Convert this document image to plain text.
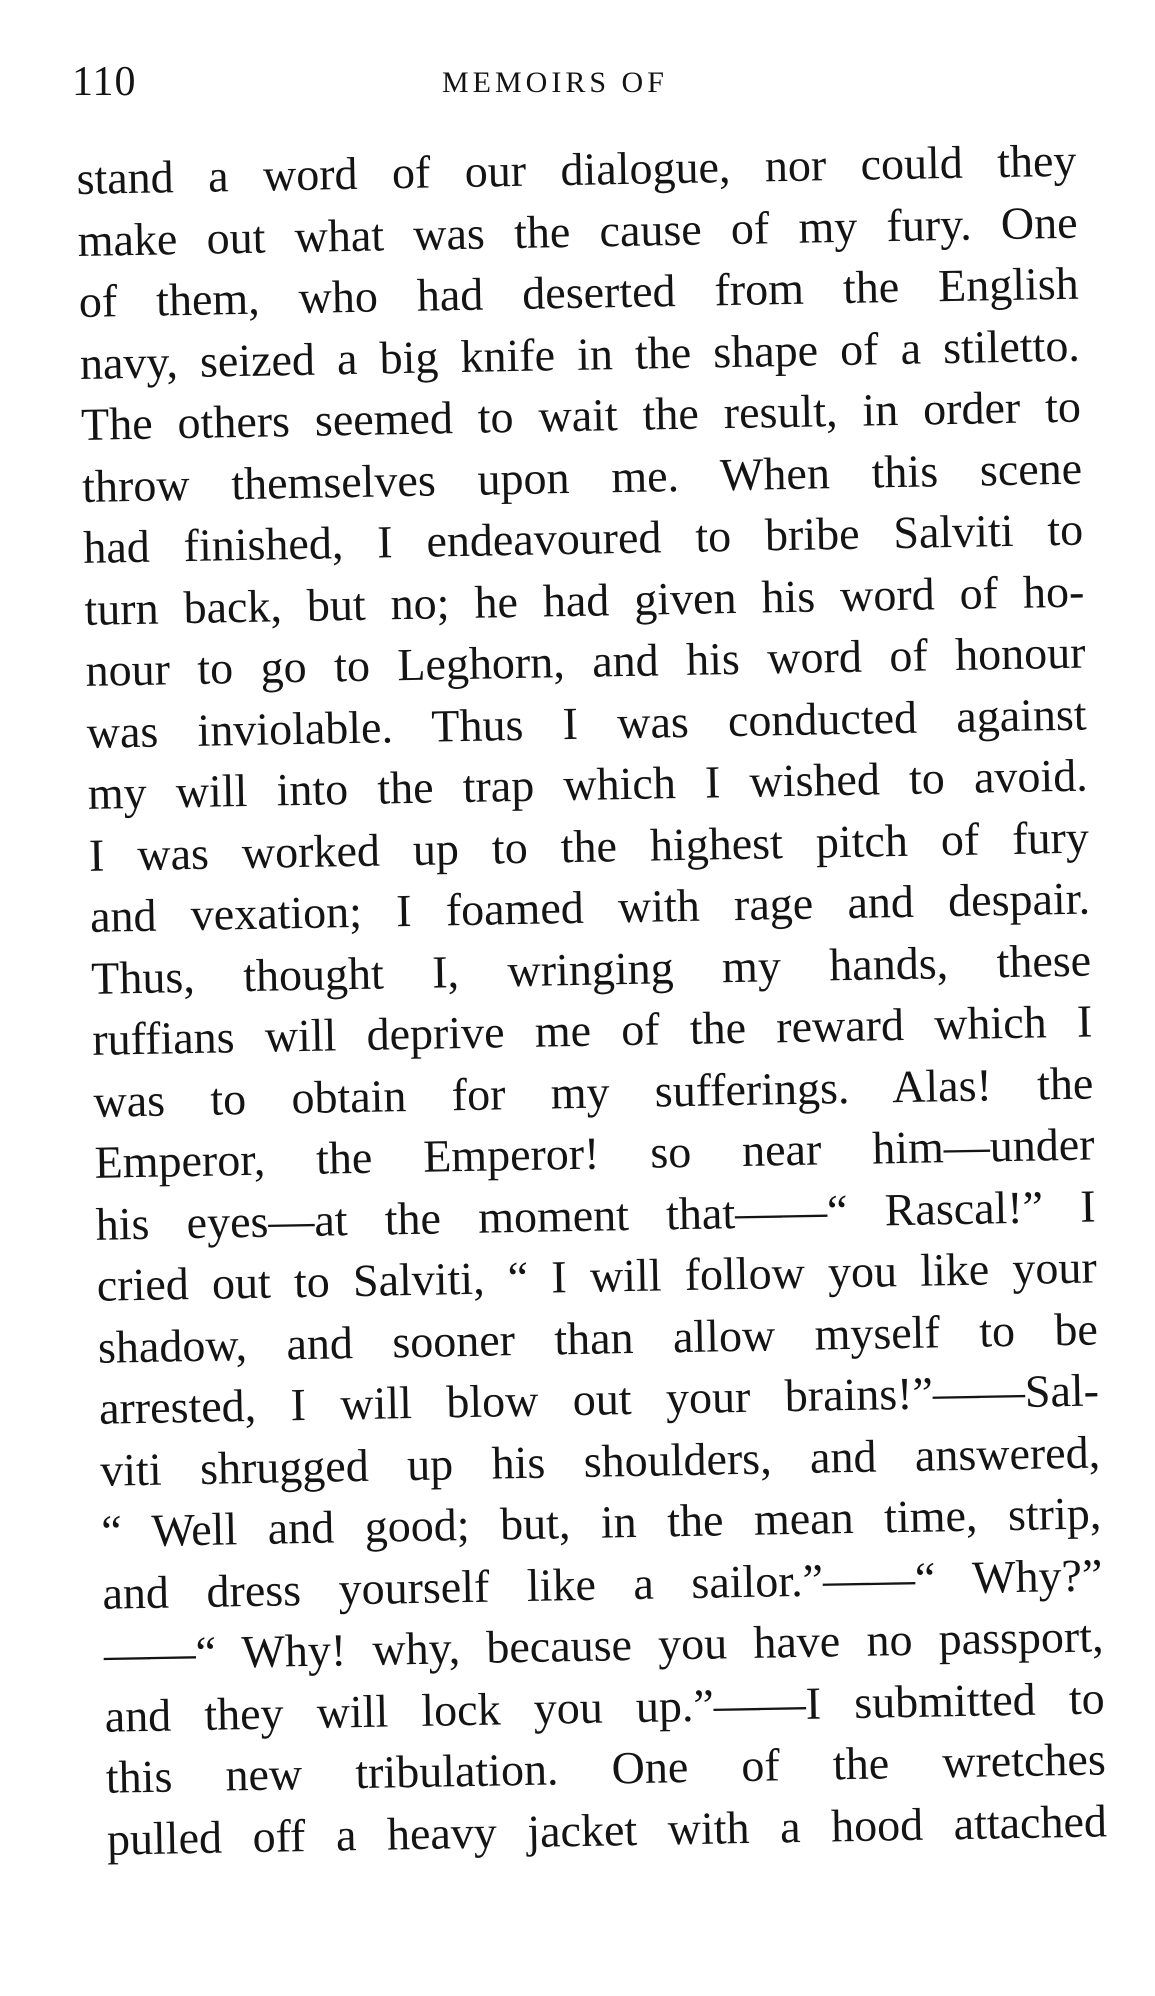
110	MEMOIRS OF
stand a word of our dialogue, nor could they
make out what was the cause of my fury. One
of them, who had deserted from the English
navy, seized a big knife in the shape of a stiletto.
The others seemed to wait the result, in order to
throw themselves upon me. When this scene
had finished, I endeavoured to bribe Salviti to
turn back, but no; he had given his word of ho-
nour to go to Leghorn, and his word of honour
was inviolable. Thus I was conducted against
my will into the trap which I wished to avoid.
I was worked up to the highest pitch of fury
and vexation; I foamed with rage and despair.
Thus, thought I, wringing my hands, these
ruffians will deprive me of the reward which I
was to obtain for my sufferings. Alas! the
Emperor, the Emperor! so near him—under
his eyes—at the moment that——“ Rascal!” I
cried out to Salviti, “ I will follow you like your
shadow, and sooner than allow myself to be
arrested, I will blow out your brains!”——Sal-
viti shrugged up his shoulders, and answered,
“ Well and good; but, in the mean time, strip,
and dress yourself like a sailor.”——“ Why?”
——“ Why! why, because you have no passport,
and they will lock you up.”——I submitted to
this new tribulation. One of the wretches
pulled off a heavy jacket with a hood attached
